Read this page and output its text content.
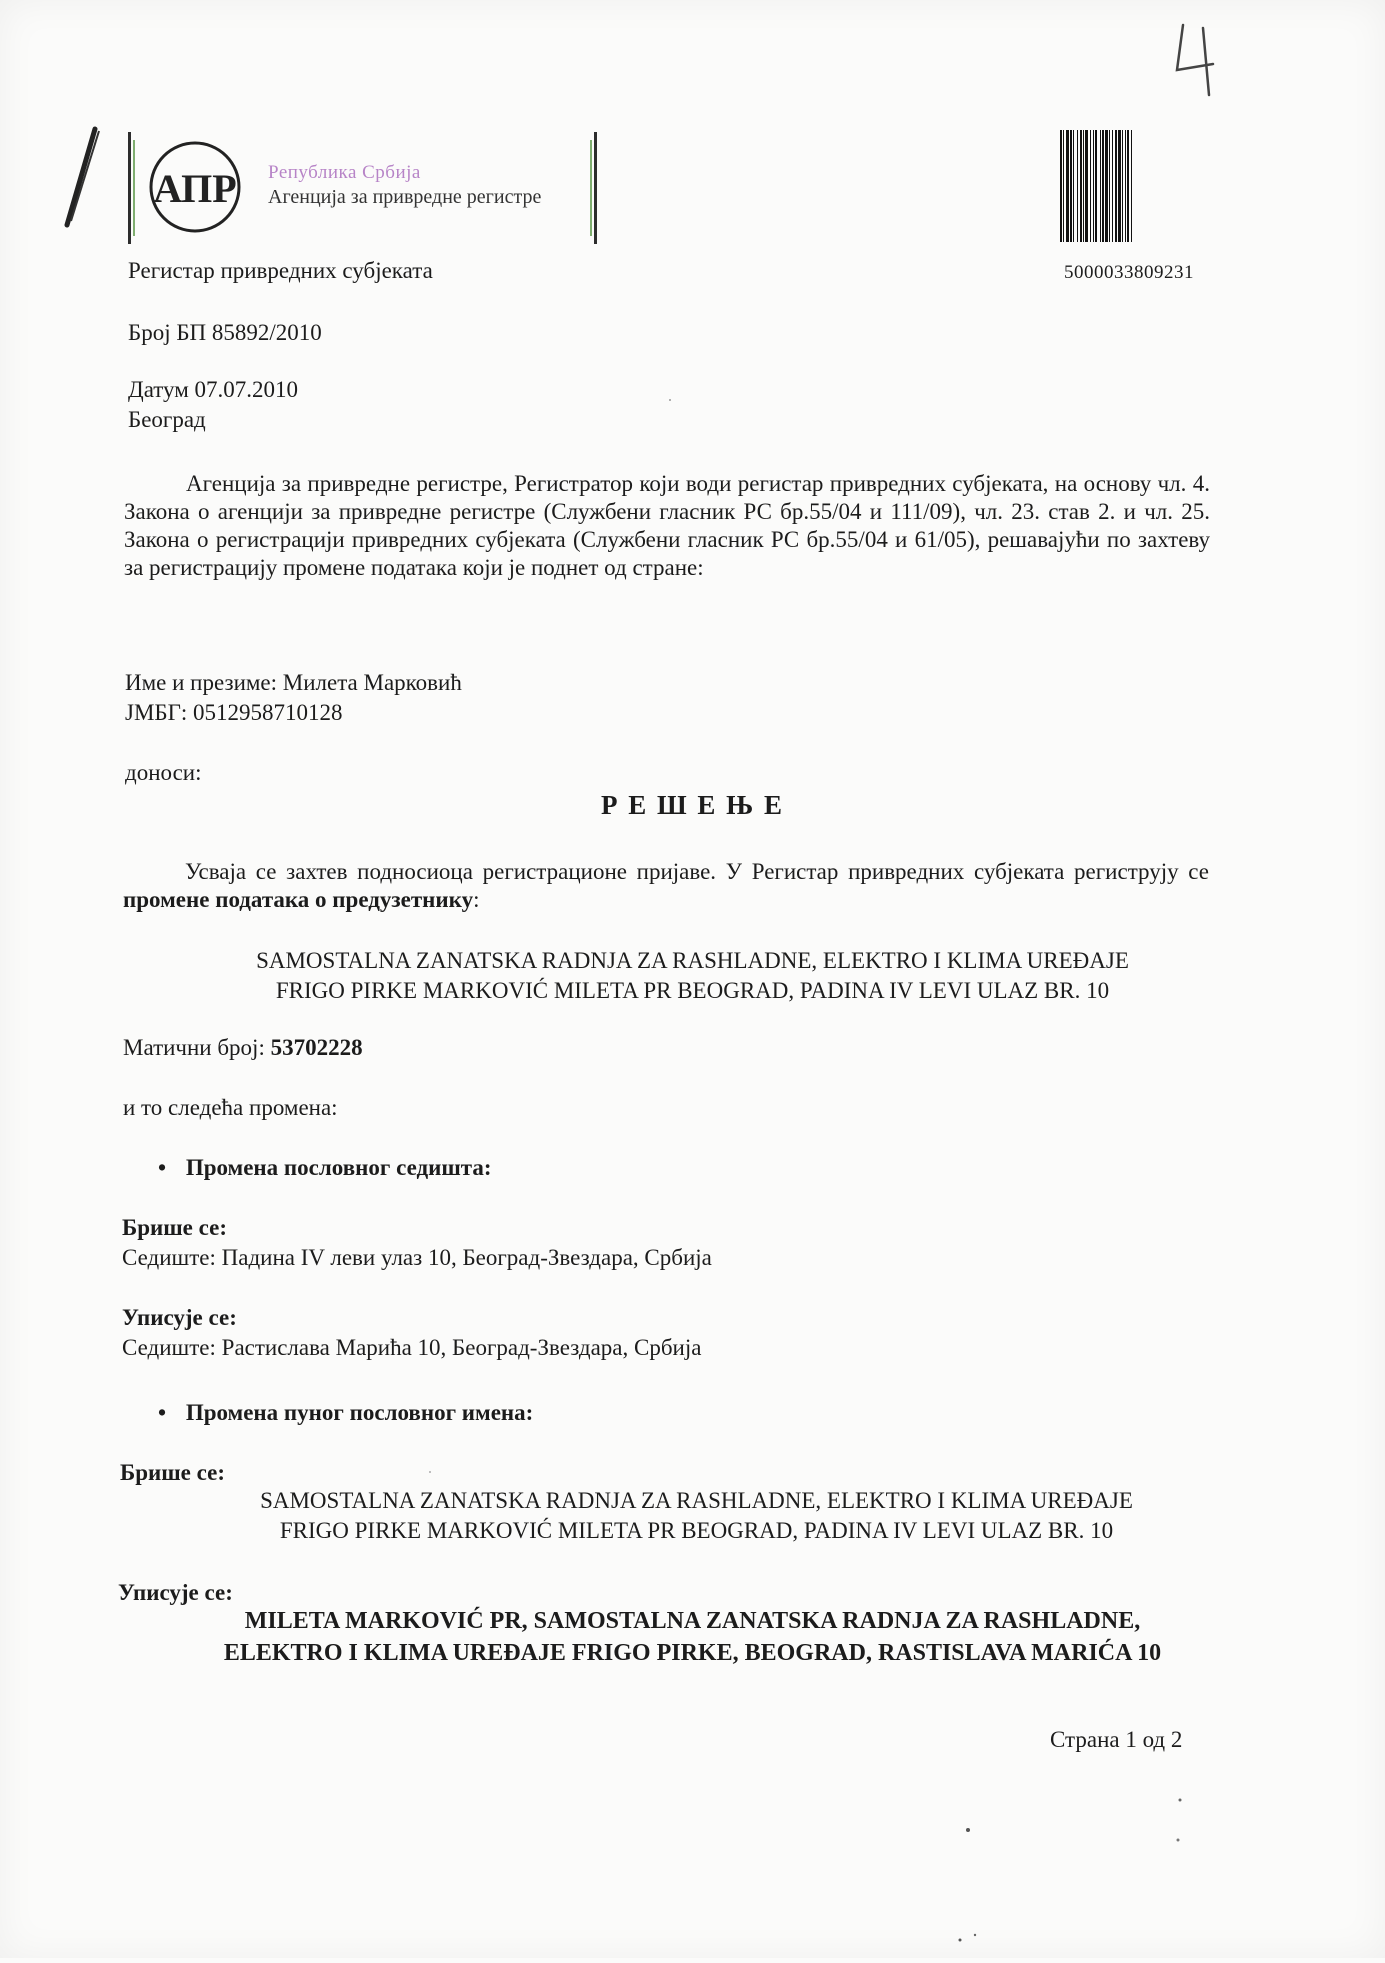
АПР Република Србија
Агенција за привредне регистре
5000033809231
Регистар привредних субјеката
Број БП 85892/2010
Датум 07.07.2010
Београд
Агенција за привредне регистре, Регистратор који води регистар привредних субјеката, на основу чл. 4. Закона о агенцији за привредне регистре (Службени гласник РС бр.55/04 и 111/09), чл. 23. став 2. и чл. 25. Закона о регистрацији привредних субјеката (Службени гласник РС бр.55/04 и 61/05), решавајући по захтеву за регистрацију промене података који је поднет од стране:
Име и презиме: Милета Марковић
ЈМБГ: 0512958710128
доноси:
Р Е Ш Е Њ Е
Усваја се захтев подносиоца регистрационе пријаве. У Регистар привредних субјеката региструју се промене података о предузетнику:
SAMOSTALNA ZANATSKA RADNJA ZA RASHLADNE, ELEKTRO I KLIMA UREĐAJE
FRIGO PIRKE MARKOVIĆ MILETA PR BEOGRAD, PADINA IV LEVI ULAZ BR. 10
Матични број: 53702228
и то следећа промена:
• Промена пословног седишта:
Брише се:
Седиште: Падина IV леви улаз 10, Београд-Звездара, Србија
Уписује се:
Седиште: Растислава Марића 10, Београд-Звездара, Србија
• Промена пуног пословног имена:
Брише се:
SAMOSTALNA ZANATSKA RADNJA ZA RASHLADNE, ELEKTRO I KLIMA UREĐAJE
FRIGO PIRKE MARKOVIĆ MILETA PR BEOGRAD, PADINA IV LEVI ULAZ BR. 10
Уписује се:
MILETA MARKOVIĆ PR, SAMOSTALNA ZANATSKA RADNJA ZA RASHLADNE,
ELEKTRO I KLIMA UREĐAJE FRIGO PIRKE, BEOGRAD, RASTISLAVA MARIĆA 10
Страна 1 од 2
